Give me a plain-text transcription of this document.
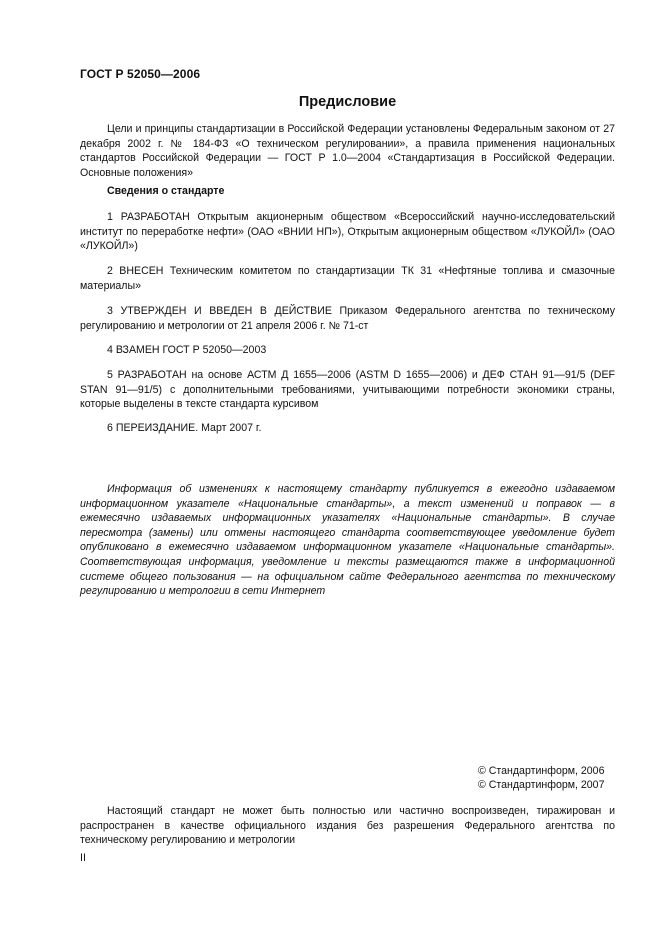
ГОСТ Р 52050—2006
Предисловие

Цели и принципы стандартизации в Российской Федерации установлены Федеральным законом от 27 декабря 2002 г. № 184-ФЗ «О техническом регулировании», а правила применения национальных стандартов Российской Федерации — ГОСТ Р 1.0—2004 «Стандартизация в Российской Федерации. Основные положения»

Сведения о стандарте

1 РАЗРАБОТАН Открытым акционерным обществом «Всероссийский научно-исследовательский институт по переработке нефти» (ОАО «ВНИИ НП»), Открытым акционерным обществом «ЛУКОЙЛ» (ОАО «ЛУКОЙЛ»)

2 ВНЕСЕН Техническим комитетом по стандартизации ТК 31 «Нефтяные топлива и смазочные материалы»

3 УТВЕРЖДЕН И ВВЕДЕН В ДЕЙСТВИЕ Приказом Федерального агентства по техническому регулированию и метрологии от 21 апреля 2006 г. № 71-ст

4 ВЗАМЕН ГОСТ Р 52050—2003

5 РАЗРАБОТАН на основе АСТМ Д 1655—2006 (ASTM D 1655—2006) и ДЕФ СТАН 91—91/5 (DEF STAN 91—91/5) с дополнительными требованиями, учитывающими потребности экономики страны, которые выделены в тексте стандарта курсивом

6 ПЕРЕИЗДАНИЕ. Март 2007 г.

Информация об изменениях к настоящему стандарту публикуется в ежегодно издаваемом информационном указателе «Национальные стандарты», а текст изменений и поправок — в ежемесячно издаваемых информационных указателях «Национальные стандарты». В случае пересмотра (замены) или отмены настоящего стандарта соответствующее уведомление будет опубликовано в ежемесячно издаваемом информационном указателе «Национальные стандарты». Соответствующая информация, уведомление и тексты размещаются также в информационной системе общего пользования — на официальном сайте Федерального агентства по техническому регулированию и метрологии в сети Интернет

© Стандартинформ, 2006
© Стандартинформ, 2007

Настоящий стандарт не может быть полностью или частично воспроизведен, тиражирован и распространен в качестве официального издания без разрешения Федерального агентства по техническому регулированию и метрологии

II
